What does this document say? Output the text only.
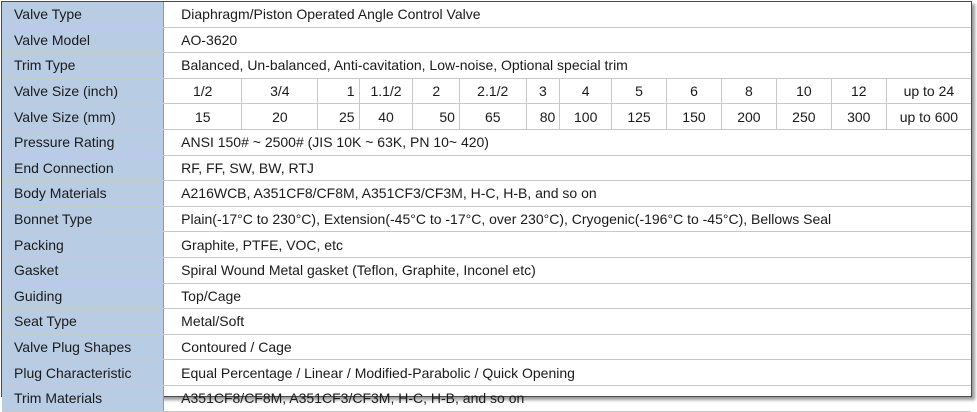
Valve Type	Diaphragm/Piston Operated Angle Control Valve													
Valve Model	AO-3620													
Trim Type	Balanced, Un-balanced, Anti-cavitation, Low-noise, Optional special trim													
Valve Size (inch)	1/2	3/4	1	1.1/2	2	2.1/2	3	4	5	6	8	10	12	up to 24
Valve Size (mm)	15	20	25	40	50	65	80	100	125	150	200	250	300	up to 600
Pressure Rating	ANSI 150# ~ 2500# (JIS 10K ~ 63K, PN 10~ 420)													
End Connection	RF, FF, SW, BW, RTJ													
Body Materials	A216WCB, A351CF8/CF8M, A351CF3/CF3M, H-C, H-B, and so on													
Bonnet Type	Plain(-17°C to 230°C), Extension(-45°C to -17°C, over 230°C), Cryogenic(-196°C to -45°C), Bellows Seal													
Packing	Graphite, PTFE, VOC, etc													
Gasket	Spiral Wound Metal gasket (Teflon, Graphite, Inconel etc)													
Guiding	Top/Cage													
Seat Type	Metal/Soft													
Valve Plug Shapes	Contoured / Cage													
Plug Characteristic	Equal Percentage / Linear / Modified-Parabolic / Quick Opening													
Trim Materials	A351CF8/CF8M, A351CF3/CF3M, H-C, H-B, and so on													
